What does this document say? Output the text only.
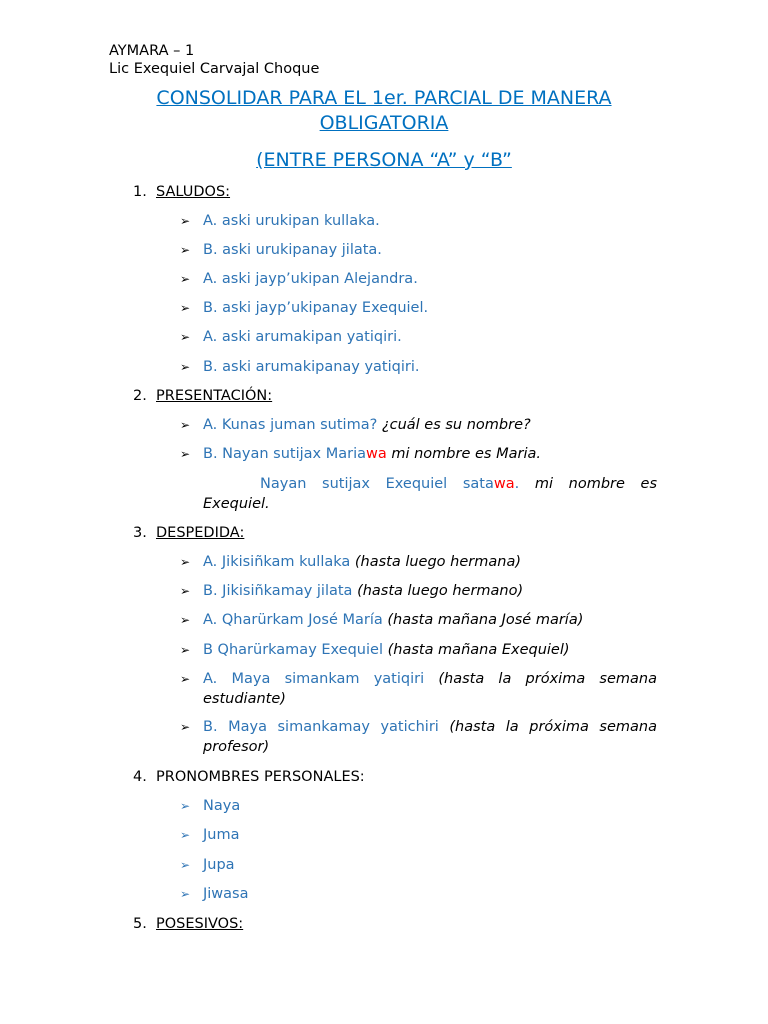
AYMARA – 1
Lic Exequiel Carvajal Choque
CONSOLIDAR PARA EL 1er. PARCIAL DE MANERA
OBLIGATORIA
(ENTRE PERSONA “A” y “B”
1. SALUDOS:
➢ A. aski urukipan kullaka.
➢ B. aski urukipanay jilata.
➢ A. aski jayp’ukipan Alejandra.
➢ B. aski jayp’ukipanay Exequiel.
➢ A. aski arumakipan yatiqiri.
➢ B. aski arumakipanay yatiqiri.
2. PRESENTACIÓN:
➢ A. Kunas juman sutima? ¿cuál es su nombre?
➢ B. Nayan sutijax Mariawa mi nombre es Maria.
Nayan sutijax Exequiel satawa. mi nombre es Exequiel.
3. DESPEDIDA:
➢ A. Jikisiñkam kullaka (hasta luego hermana)
➢ B. Jikisiñkamay jilata (hasta luego hermano)
➢ A. Qharürkam José María (hasta mañana José maría)
➢ B Qharürkamay Exequiel (hasta mañana Exequiel)
➢ A. Maya simankam yatiqiri (hasta la próxima semana estudiante)
➢ B. Maya simankamay yatichiri (hasta la próxima semana profesor)
4. PRONOMBRES PERSONALES:
➢ Naya
➢ Juma
➢ Jupa
➢ Jiwasa
5. POSESIVOS:
